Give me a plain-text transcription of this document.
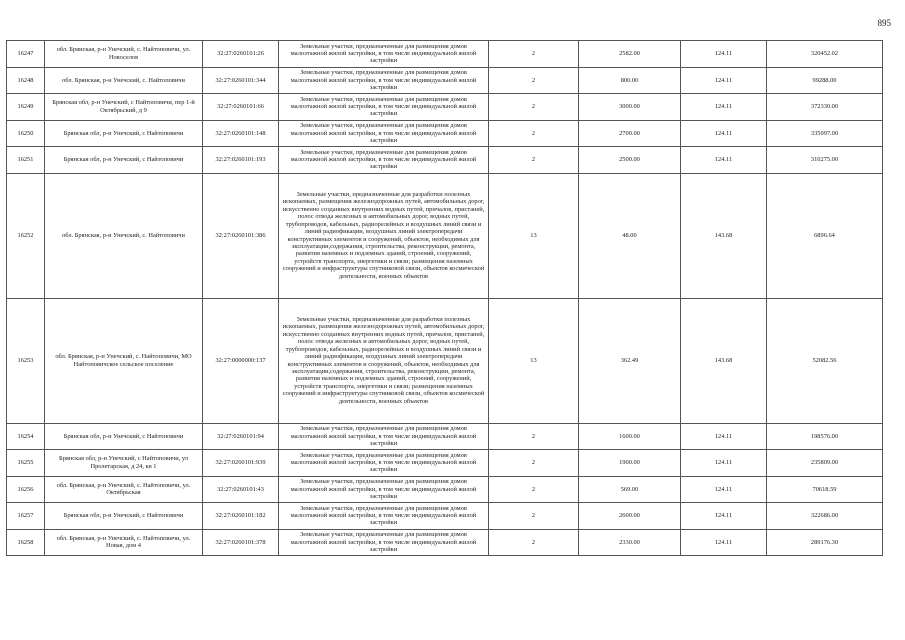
895
16247	обл. Брянская, р-н Унечский, с. Найтоповичи, ул. Новоселов	32:27:0260101:26	Земельные участки, предназначенные для размещения домов малоэтажной жилой застройки, в том числе индивидуальной жилой застройки	2	2582.00	124.11	320452.02
16248	обл. Брянская, р-н Унечский, с. Найтоповичи	32:27:0260101:344	Земельные участки, предназначенные для размещения домов малоэтажной жилой застройки, в том числе индивидуальной жилой застройки	2	800.00	124.11	99288.00
16249	Брянская обл, р-н Унечский, с Найтоповичи, пер 1-й Октябрьский, д 9	32:27:0260101:66	Земельные участки, предназначенные для размещения домов малоэтажной жилой застройки, в том числе индивидуальной жилой застройки	2	3000.00	124.11	372330.00
16250	Брянская обл, р-н Унечский, с Найтоповичи	32:27:0260101:148	Земельные участки, предназначенные для размещения домов малоэтажной жилой застройки, в том числе индивидуальной жилой застройки	2	2700.00	124.11	335097.00
16251	Брянская обл, р-н Унечский, с Найтоповичи	32:27:0260101:193	Земельные участки, предназначенные для размещения домов малоэтажной жилой застройки, в том числе индивидуальной жилой застройки	2	2500.00	124.11	310275.00
16252	обл. Брянская, р-н Унечский, с. Найтоповичи	32:27:0260101:386	Земельные участки, предназначенные для разработки полезных ископаемых, размещения железнодорожных путей, автомобильных дорог, искусственно созданных внутренних водных путей, причалов, пристаней, полос отвода железных и автомобильных дорог, водных путей, трубопроводов, кабельных, радиорелейных и воздушных линий связи и линий радиофикации, воздушных линий электропередачи конструктивных элементов и сооружений, объектов, необходимых для эксплуатации,содержания, строительства, реконструкции, ремонта, развития наземных и подземных зданий, строений, сооружений, устройств транспорта, энергетики и связи; размещения наземных сооружений и инфраструктуры спутниковой связи, объектов космической деятельности, военных объектов	13	48.00	143.68	6896.64
16253	обл. Брянская, р-н Унечский, с. Найтоповичи, МО Найтоповичское сельское поселение	32:27:0000000:137	Земельные участки, предназначенные для разработки полезных ископаемых, размещения железнодорожных путей, автомобильных дорог, искусственно созданных внутренних водных путей, причалов, пристаней, полос отвода железных и автомобильных дорог, водных путей, трубопроводов, кабельных, радиорелейных и воздушных линий связи и линий радиофикации, воздушных линий электропередачи конструктивных элементов и сооружений, объектов, необходимых для эксплуатации,содержания, строительства, реконструкции, ремонта, развития наземных и подземных зданий, строений, сооружений, устройств транспорта, энергетики и связи; размещения наземных сооружений и инфраструктуры спутниковой связи, объектов космической деятельности, военных объектов	13	362.49	143.68	52082.56
16254	Брянская обл, р-н Унечский, с Найтоповичи	32:27:0260101:94	Земельные участки, предназначенные для размещения домов малоэтажной жилой застройки, в том числе индивидуальной жилой застройки	2	1600.00	124.11	198576.00
16255	Брянская обл, р-н Унечский, с Найтоповичи, ул Пролетарская, д 24, кв 1	32:27:0260101:939	Земельные участки, предназначенные для размещения домов малоэтажной жилой застройки, в том числе индивидуальной жилой застройки	2	1900.00	124.11	235809.00
16256	обл. Брянская, р-н Унечский, с. Найтоповичи, ул. Октябрьская	32:27:0260101:43	Земельные участки, предназначенные для размещения домов малоэтажной жилой застройки, в том числе индивидуальной жилой застройки	2	569.00	124.11	70618.59
16257	Брянская обл, р-н Унечский, с Найтоповичи	32:27:0260101:182	Земельные участки, предназначенные для размещения домов малоэтажной жилой застройки, в том числе индивидуальной жилой застройки	2	2600.00	124.11	322686.00
16258	обл. Брянская, р-н Унечский, с. Найтоповичи, ул. Новая, дом 4	32:27:0260101:378	Земельные участки, предназначенные для размещения домов малоэтажной жилой застройки, в том числе индивидуальной жилой застройки	2	2330.00	124.11	289176.30
